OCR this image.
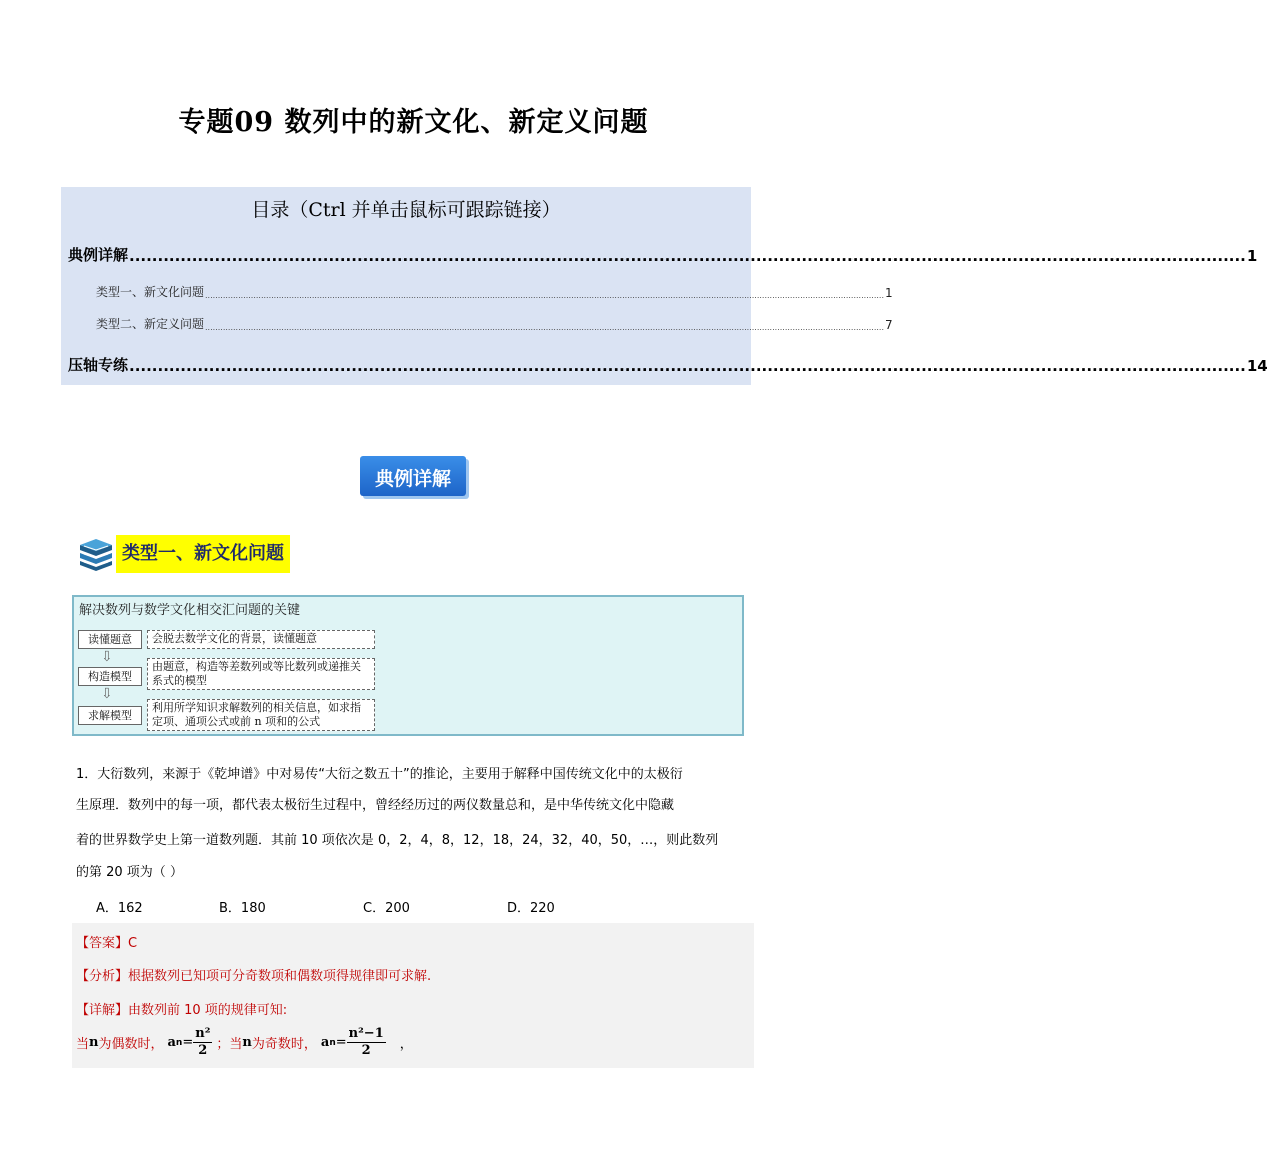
专题09 数列中的新文化、新定义问题
目录（Ctrl 并单击鼠标可跟踪链接）
典例详解 .................................................................................................................................................................................................... 1
类型一、新文化问题 ........................................................................................................................................................................................................................................................................... 1
类型二、新定义问题 ........................................................................................................................................................................................................................................................................... 7
压轴专练 .................................................................................................................................................................................................... 14
典例详解
类型一、新文化问题
解决数列与数学文化相交汇问题的关键
读懂题意	会脱去数学文化的背景，读懂题意
⇩
构造模型
由题意，构造等差数列或等比数列或递推关系式的模型
⇩
求解模型
利用所学知识求解数列的相关信息，如求指定项、通项公式或前 n 项和的公式
1．大衍数列，来源于《乾坤谱》中对易传“大衍之数五十”的推论，主要用于解释中国传统文化中的太极衍
生原理．数列中的每一项，都代表太极衍生过程中，曾经经历过的两仪数量总和，是中华传统文化中隐藏
着的世界数学史上第一道数列题．其前 10 项依次是 0，2，4，8，12，18，24，32，40，50，…，则此数列
的第 20 项为（ ）
A．162	B．180	C．200	D．220
【答案】C
【分析】根据数列已知项可分奇数项和偶数项得规律即可求解.
【详解】由数列前 10 项的规律可知:
当 n 为偶数时， a $n = \frac{\text{n²}}{2}$ ；当 n 为奇数时， a $n = \frac{\text{n²−1}}{2}$ ，
